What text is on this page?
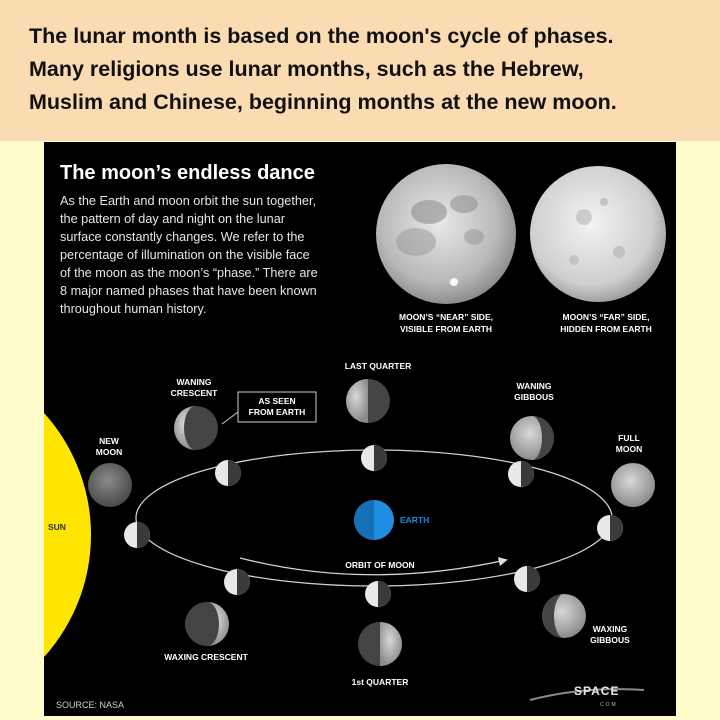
The lunar month is based on the moon's cycle of phases.

Many religions use lunar months, such as the Hebrew,

Muslim and Chinese, beginning months at the new moon.

The moon’s endless dance

As the Earth and moon orbit the sun together,
the pattern of day and night on the lunar
surface constantly changes. We refer to the
percentage of illumination on the visible face
of the moon as the moon’s “phase.” There are
8 major named phases that have been known
throughout human history.

MOON’S “NEAR” SIDE,
VISIBLE FROM EARTH
MOON’S “FAR” SIDE,
HIDDEN FROM EARTH
SUN
ORBIT OF MOON
EARTH
NEW
MOON
WANING
CRESCENT
AS SEEN
FROM EARTH
LAST QUARTER
WANING
GIBBOUS
FULL
MOON
WAXING
GIBBOUS
WAXING CRESCENT
1st QUARTER
SOURCE: NASA
SPACE
COM
